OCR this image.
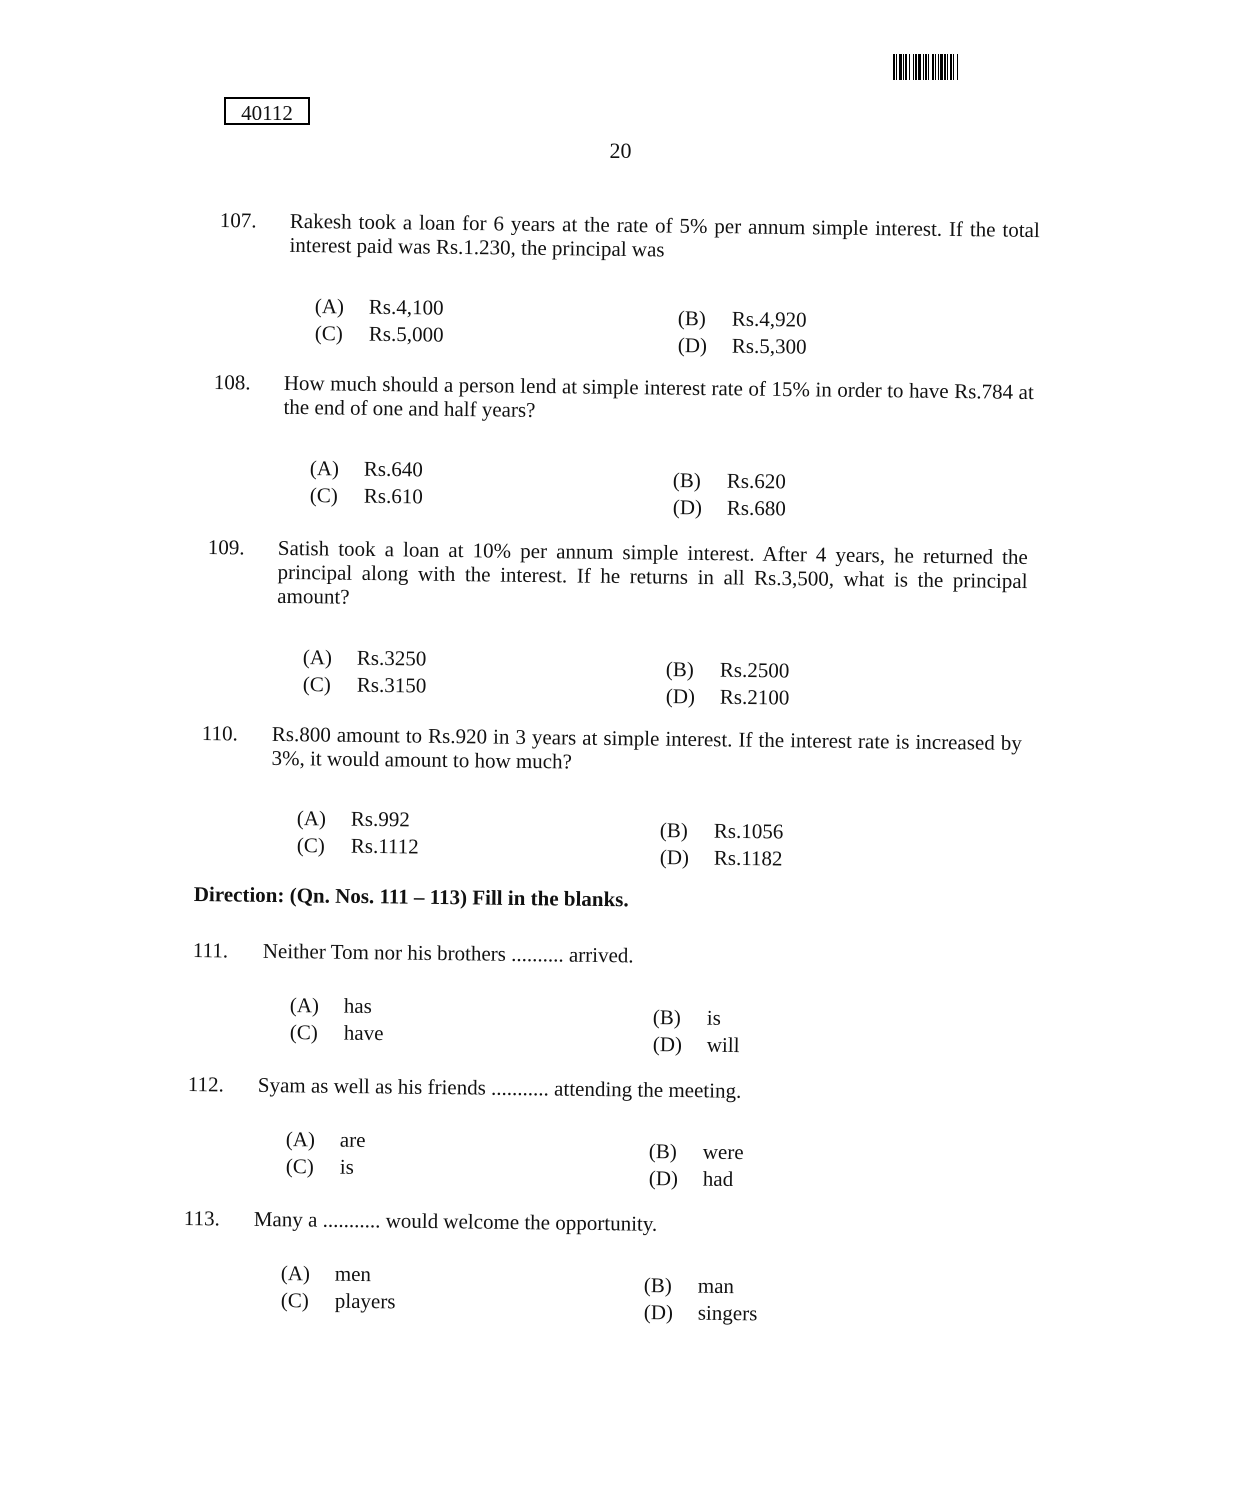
40112
20
107. Rakesh took a loan for 6 years at the rate of 5% per annum simple interest. If the total interest paid was Rs.1.230, the principal was
(A) Rs.4,100	(B) Rs.4,920
(C) Rs.5,000	(D) Rs.5,300
108. How much should a person lend at simple interest rate of 15% in order to have Rs.784 at the end of one and half years?
(A) Rs.640	(B) Rs.620
(C) Rs.610	(D) Rs.680
109. Satish took a loan at 10% per annum simple interest. After 4 years, he returned the principal along with the interest. If he returns in all Rs.3,500, what is the principal amount?
(A) Rs.3250	(B) Rs.2500
(C) Rs.3150	(D) Rs.2100
110. Rs.800 amount to Rs.920 in 3 years at simple interest. If the interest rate is increased by 3%, it would amount to how much?
(A) Rs.992	(B) Rs.1056
(C) Rs.1112	(D) Rs.1182
Direction: (Qn. Nos. 111 – 113) Fill in the blanks.
111. Neither Tom nor his brothers .......... arrived.
(A) has	(B) is
(C) have	(D) will
112. Syam as well as his friends ........... attending the meeting.
(A) are	(B) were
(C) is	(D) had
113. Many a ........... would welcome the opportunity.
(A) men	(B) man
(C) players	(D) singers
